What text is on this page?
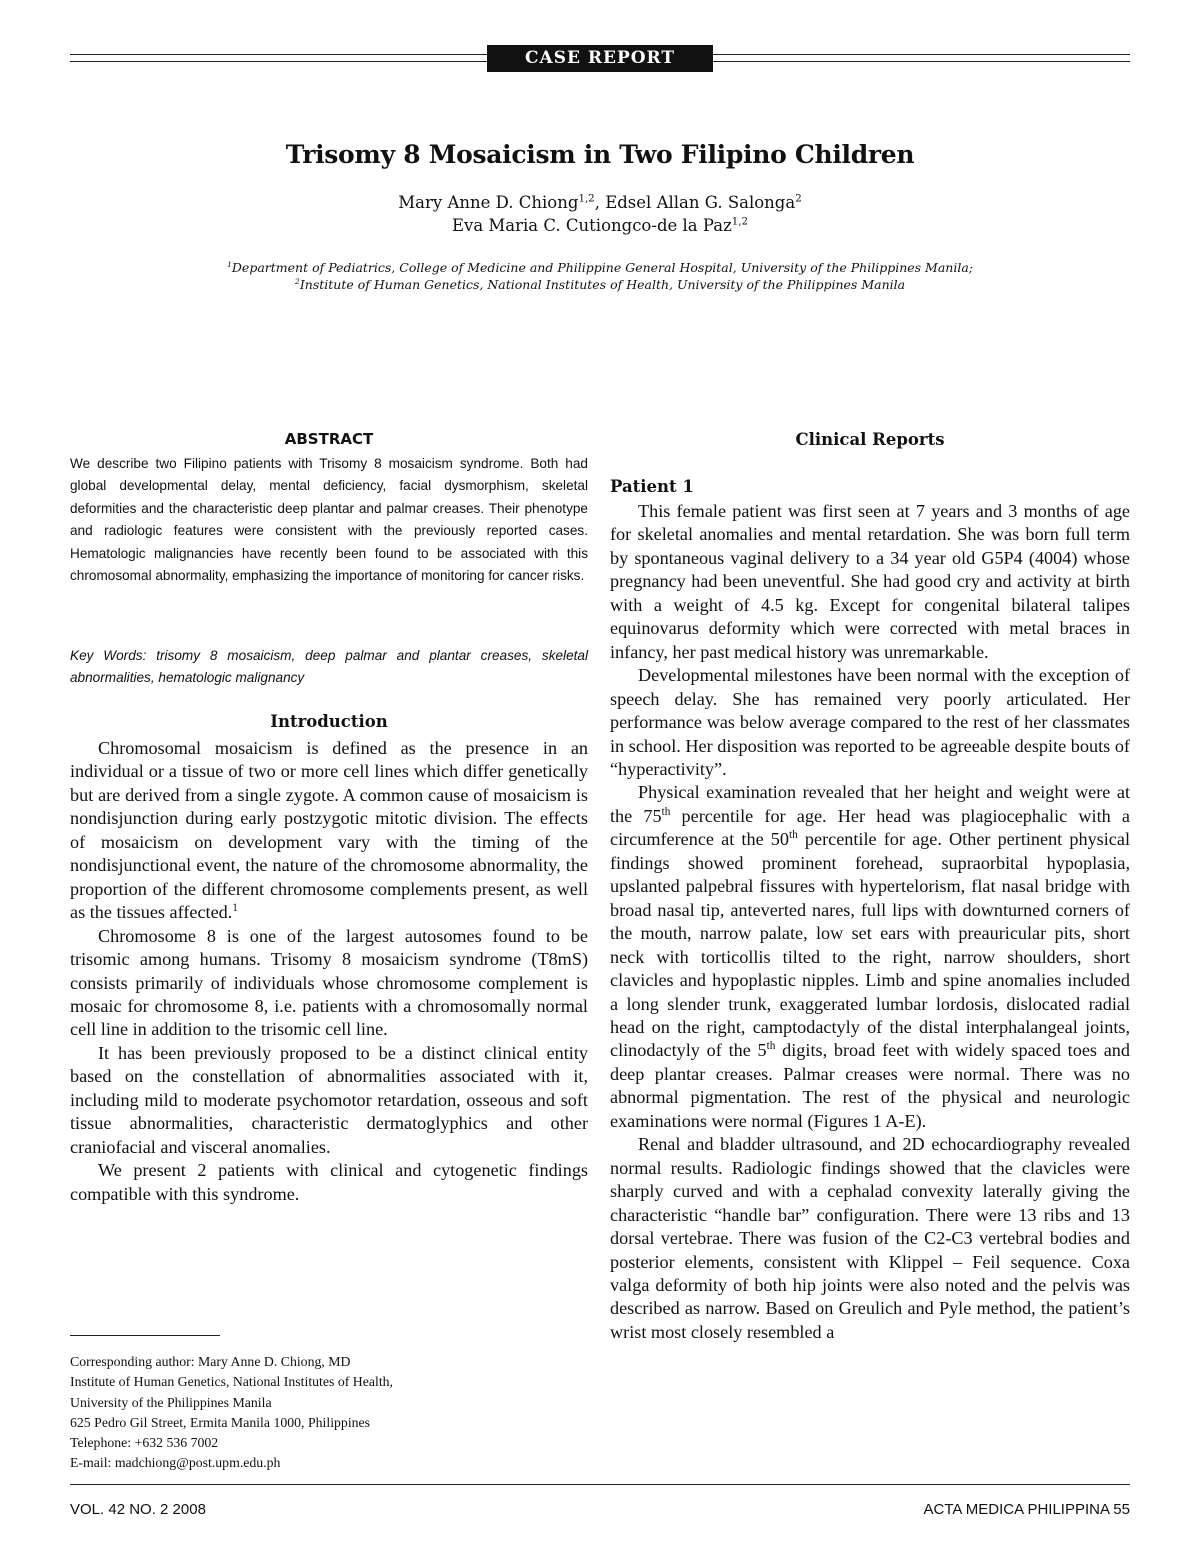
CASE REPORT
Trisomy 8 Mosaicism in Two Filipino Children
Mary Anne D. Chiong$^{1,2}$, Edsel Allan G. Salonga$^2$
Eva Maria C. Cutiongco-de la Paz$^{1,2}$
$^1$Department of Pediatrics, College of Medicine and Philippine General Hospital, University of the Philippines Manila;
$^2$Institute of Human Genetics, National Institutes of Health, University of the Philippines Manila
ABSTRACT
We describe two Filipino patients with Trisomy 8 mosaicism syndrome. Both had global developmental delay, mental deficiency, facial dysmorphism, skeletal deformities and the characteristic deep plantar and palmar creases. Their phenotype and radiologic features were consistent with the previously reported cases. Hematologic malignancies have recently been found to be associated with this chromosomal abnormality, emphasizing the importance of monitoring for cancer risks.
Key Words: trisomy 8 mosaicism, deep palmar and plantar creases, skeletal abnormalities, hematologic malignancy
Introduction

Chromosomal mosaicism is defined as the presence in an individual or a tissue of two or more cell lines which differ genetically but are derived from a single zygote. A common cause of mosaicism is nondisjunction during early postzygotic mitotic division. The effects of mosaicism on development vary with the timing of the nondisjunctional event, the nature of the chromosome abnormality, the proportion of the different chromosome complements present, as well as the tissues affected.$^1$

Chromosome 8 is one of the largest autosomes found to be trisomic among humans. Trisomy 8 mosaicism syndrome (T8mS) consists primarily of individuals whose chromosome complement is mosaic for chromosome 8, i.e. patients with a chromosomally normal cell line in addition to the trisomic cell line.

It has been previously proposed to be a distinct clinical entity based on the constellation of abnormalities associated with it, including mild to moderate psychomotor retardation, osseous and soft tissue abnormalities, characteristic dermatoglyphics and other craniofacial and visceral anomalies.

We present 2 patients with clinical and cytogenetic findings compatible with this syndrome.

Corresponding author: Mary Anne D. Chiong, MD
Institute of Human Genetics, National Institutes of Health,
University of the Philippines Manila
625 Pedro Gil Street, Ermita Manila 1000, Philippines
Telephone: +632 536 7002
E-mail: madchiong@post.upm.edu.ph
Clinical Reports
Patient 1

This female patient was first seen at 7 years and 3 months of age for skeletal anomalies and mental retardation. She was born full term by spontaneous vaginal delivery to a 34 year old G5P4 (4004) whose pregnancy had been uneventful. She had good cry and activity at birth with a weight of 4.5 kg. Except for congenital bilateral talipes equinovarus deformity which were corrected with metal braces in infancy, her past medical history was unremarkable.

Developmental milestones have been normal with the exception of speech delay. She has remained very poorly articulated. Her performance was below average compared to the rest of her classmates in school. Her disposition was reported to be agreeable despite bouts of “hyperactivity”.

Physical examination revealed that her height and weight were at the 75th percentile for age. Her head was plagiocephalic with a circumference at the 50th percentile for age. Other pertinent physical findings showed prominent forehead, supraorbital hypoplasia, upslanted palpebral fissures with hypertelorism, flat nasal bridge with broad nasal tip, anteverted nares, full lips with downturned corners of the mouth, narrow palate, low set ears with preauricular pits, short neck with torticollis tilted to the right, narrow shoulders, short clavicles and hypoplastic nipples. Limb and spine anomalies included a long slender trunk, exaggerated lumbar lordosis, dislocated radial head on the right, camptodactyly of the distal interphalangeal joints, clinodactyly of the 5th digits, broad feet with widely spaced toes and deep plantar creases. Palmar creases were normal. There was no abnormal pigmentation. The rest of the physical and neurologic examinations were normal (Figures 1 A-E).

Renal and bladder ultrasound, and 2D echocardiography revealed normal results. Radiologic findings showed that the clavicles were sharply curved and with a cephalad convexity laterally giving the characteristic “handle bar” configuration. There were 13 ribs and 13 dorsal vertebrae. There was fusion of the C2-C3 vertebral bodies and posterior elements, consistent with Klippel – Feil sequence. Coxa valga deformity of both hip joints were also noted and the pelvis was described as narrow. Based on Greulich and Pyle method, the patient’s wrist most closely resembled a

VOL. 42 NO. 2 2008	ACTA MEDICA PHILIPPINA 55
